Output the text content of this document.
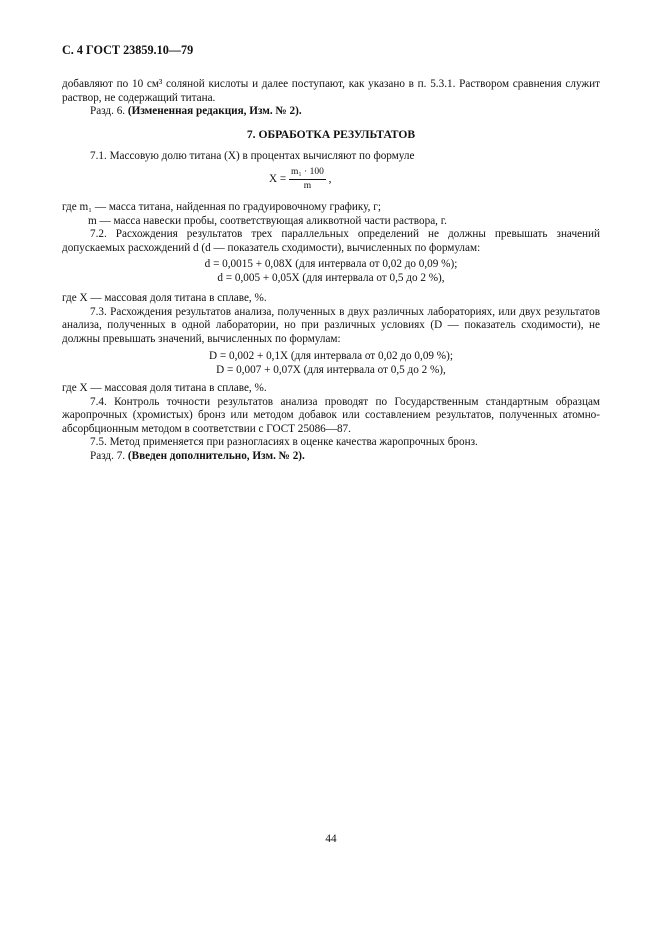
С. 4 ГОСТ 23859.10—79

добавляют по 10 см³ соляной кислоты и далее поступают, как указано в п. 5.3.1. Раствором сравнения служит раствор, не содержащий титана.

Разд. 6. (Измененная редакция, Изм. № 2).

7. ОБРАБОТКА РЕЗУЛЬТАТОВ

7.1. Массовую долю титана (X) в процентах вычисляют по формуле

$X = \frac{\text{m₁ · 100}}{m}$ ,

где m₁ — масса титана, найденная по градуировочному графику, г;

m — масса навески пробы, соответствующая аликвотной части раствора, г.

7.2. Расхождения результатов трех параллельных определений не должны превышать значений допускаемых расхождений d (d — показатель сходимости), вычисленных по формулам:

d = 0,0015 + 0,08X (для интервала от 0,02 до 0,09 %);
d = 0,005 + 0,05X (для интервала от 0,5 до 2 %),

где X — массовая доля титана в сплаве, %.

7.3. Расхождения результатов анализа, полученных в двух различных лабораториях, или двух результатов анализа, полученных в одной лаборатории, но при различных условиях (D — показатель сходимости), не должны превышать значений, вычисленных по формулам:

D = 0,002 + 0,1X (для интервала от 0,02 до 0,09 %);
D = 0,007 + 0,07X (для интервала от 0,5 до 2 %),

где X — массовая доля титана в сплаве, %.

7.4. Контроль точности результатов анализа проводят по Государственным стандартным образцам жаропрочных (хромистых) бронз или методом добавок или составлением результатов, полученных атомно-абсорбционным методом в соответствии с ГОСТ 25086—87.

7.5. Метод применяется при разногласиях в оценке качества жаропрочных бронз.

Разд. 7. (Введен дополнительно, Изм. № 2).

44
